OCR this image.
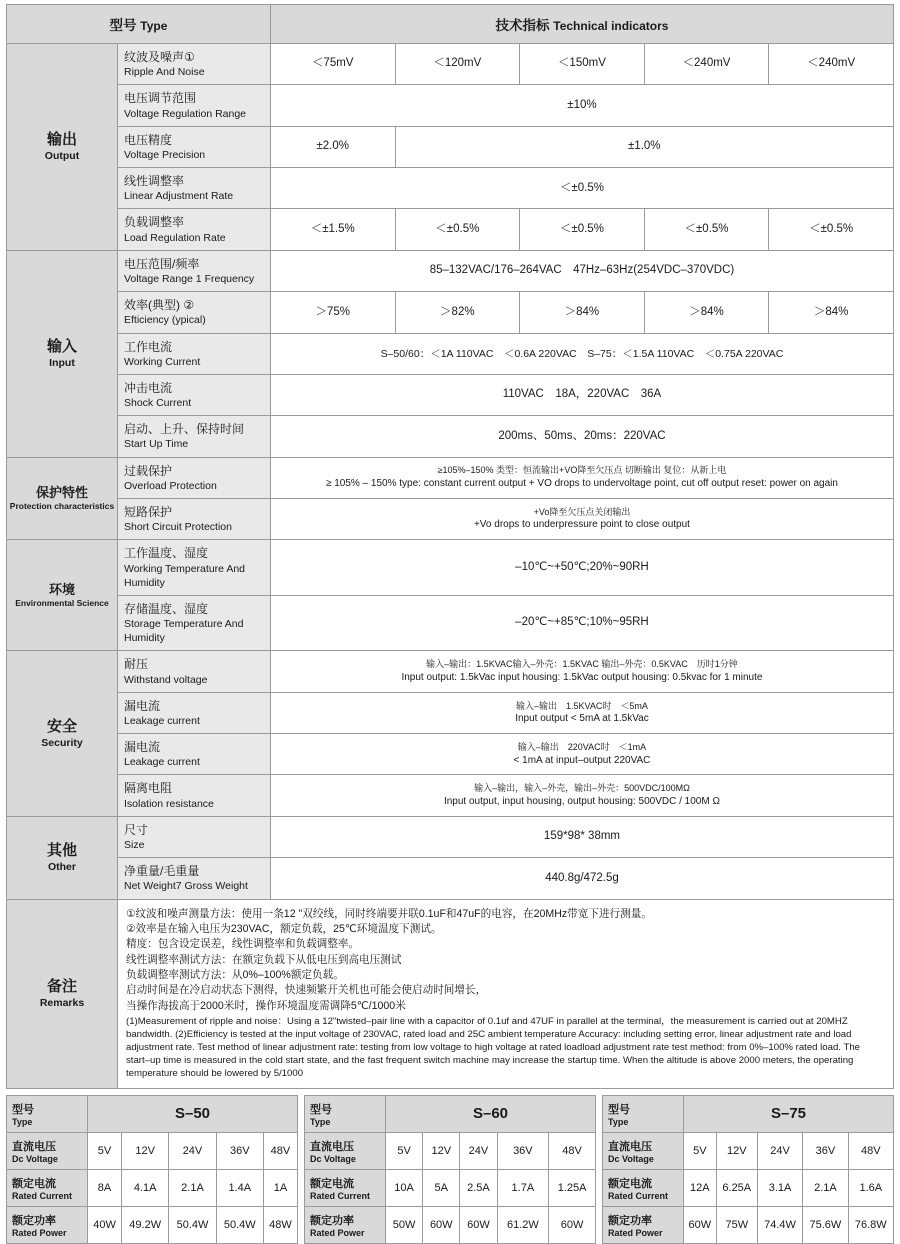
型号 Type		技术指标 Technical indicators				

输出
Output	纹波及噪声①
Ripple And Noise	＜75mV	＜120mV	＜150mV	＜240mV	＜240mV

	电压调节范围
Voltage Regulation Range	±10%				

	电压精度
Voltage Precision	±2.0%	±1.0%			

	线性调整率
Linear Adjustment Rate	＜±0.5%				

	负载调整率
Load Regulation Rate	＜±1.5%	＜±0.5%	＜±0.5%	＜±0.5%	＜±0.5%

输入
Input	电压范围/频率
Voltage Range 1 Frequency	85–132VAC/176–264VAC　47Hz–63Hz(254VDC–370VDC)				

	效率(典型) ②
Efticiency (ypical)	＞75%	＞82%	＞84%	＞84%	＞84%

	工作电流
Working Current	S–50/60：＜1A 110VAC　＜0.6A 220VAC　S–75：＜1.5A 110VAC　＜0.75A 220VAC				

	冲击电流
Shock Current	110VAC　18A，220VAC　36A				

	启动、上升、保持时间
Start Up Time	200ms、50ms、20ms：220VAC				

保护特性
Protection characteristics	过载保护
Overload Protection	≥105%–150% 类型：恒流输出+VO降至欠压点 切断输出 复位：从新上电
≥ 105% – 150% type: constant current output + VO drops to undervoltage point, cut off output reset: power on again				

	短路保护
Short Circuit Protection	+Vo降至欠压点关闭输出
+Vo drops to underpressure point to close output				

环境
Environmental Science	工作温度、湿度
Working Temperature And Humidity	–10℃~+50℃;20%~90RH				

	存储温度、湿度
Storage Temperature And Humidity	–20℃~+85℃;10%~95RH				

安全
Security	耐压
Withstand voltage	输入–输出：1.5KVAC输入–外壳：1.5KVAC 输出–外壳：0.5KVAC　历时1分钟
Input output: 1.5kVac input housing: 1.5kVac output housing: 0.5kvac for 1 minute				

	漏电流
Leakage current	输入–输出　1.5KVAC时　＜5mA
Input output < 5mA at 1.5kVac				

	漏电流
Leakage current	输入–输出　220VAC时　＜1mA
< 1mA at input–output 220VAC				

	隔离电阻
Isolation resistance	输入–输出，输入–外壳，输出–外壳：500VDC/100MΩ
Input output, input housing, output housing: 500VDC / 100M Ω				

其他
Other	尺寸
Size	159*98* 38mm				

	净重量/毛重量
Net Weight7 Gross Weight	440.8g/472.5g				

备注
Remarks

①纹波和噪声测量方法：使用一条12 "双绞线，同时终端要并联0.1uF和47uF的电容，在20MHz带宽下进行测量。
②效率是在输入电压为230VAC，额定负载，25℃环境温度下测试。
精度：包含设定误差，线性调整率和负载调整率。
线性调整率测试方法：在额定负载下从低电压到高电压测试
负载调整率测试方法：从0%–100%额定负载。
启动时间是在冷启动状态下测得，快速频繁开关机也可能会使启动时间增长，
当操作海拔高于2000米时，操作环境温度需调降5℃/1000米
(1)Measurement of ripple and noise：Using a 12"twisted–pair line with a capacitor of 0.1uf and 47UF in parallel at the terminal，the measurement is carried out at 20MHZ bandwidth. (2)Efficiency is tested at the input voltage of 230VAC, rated load and 25C ambient temperature Accuracy: including setting error, linear adjustment rate and load adjustment rate. Test method of linear adjustment rate: testing from low voltage to high voltage at rated loadload adjustment rate test method: from 0%–100% rated load. The start–up time is measured in the cold start state, and the fast frequent switch machine may increase the startup time. When the altitude is above 2000 meters, the operating temperature should be lowered by 5/1000
型号
Type	S–50				

直流电压
Dc Voltage	5V	12V	24V	36V	48V

额定电流
Rated Current	8A	4.1A	2.1A	1.4A	1A

额定功率
Rated Power	40W	49.2W	50.4W	50.4W	48W
型号
Type	S–60				

直流电压
Dc Voltage	5V	12V	24V	36V	48V

额定电流
Rated Current	10A	5A	2.5A	1.7A	1.25A

额定功率
Rated Power	50W	60W	60W	61.2W	60W
型号
Type	S–75				

直流电压
Dc Voltage	5V	12V	24V	36V	48V

额定电流
Rated Current	12A	6.25A	3.1A	2.1A	1.6A

额定功率
Rated Power	60W	75W	74.4W	75.6W	76.8W
